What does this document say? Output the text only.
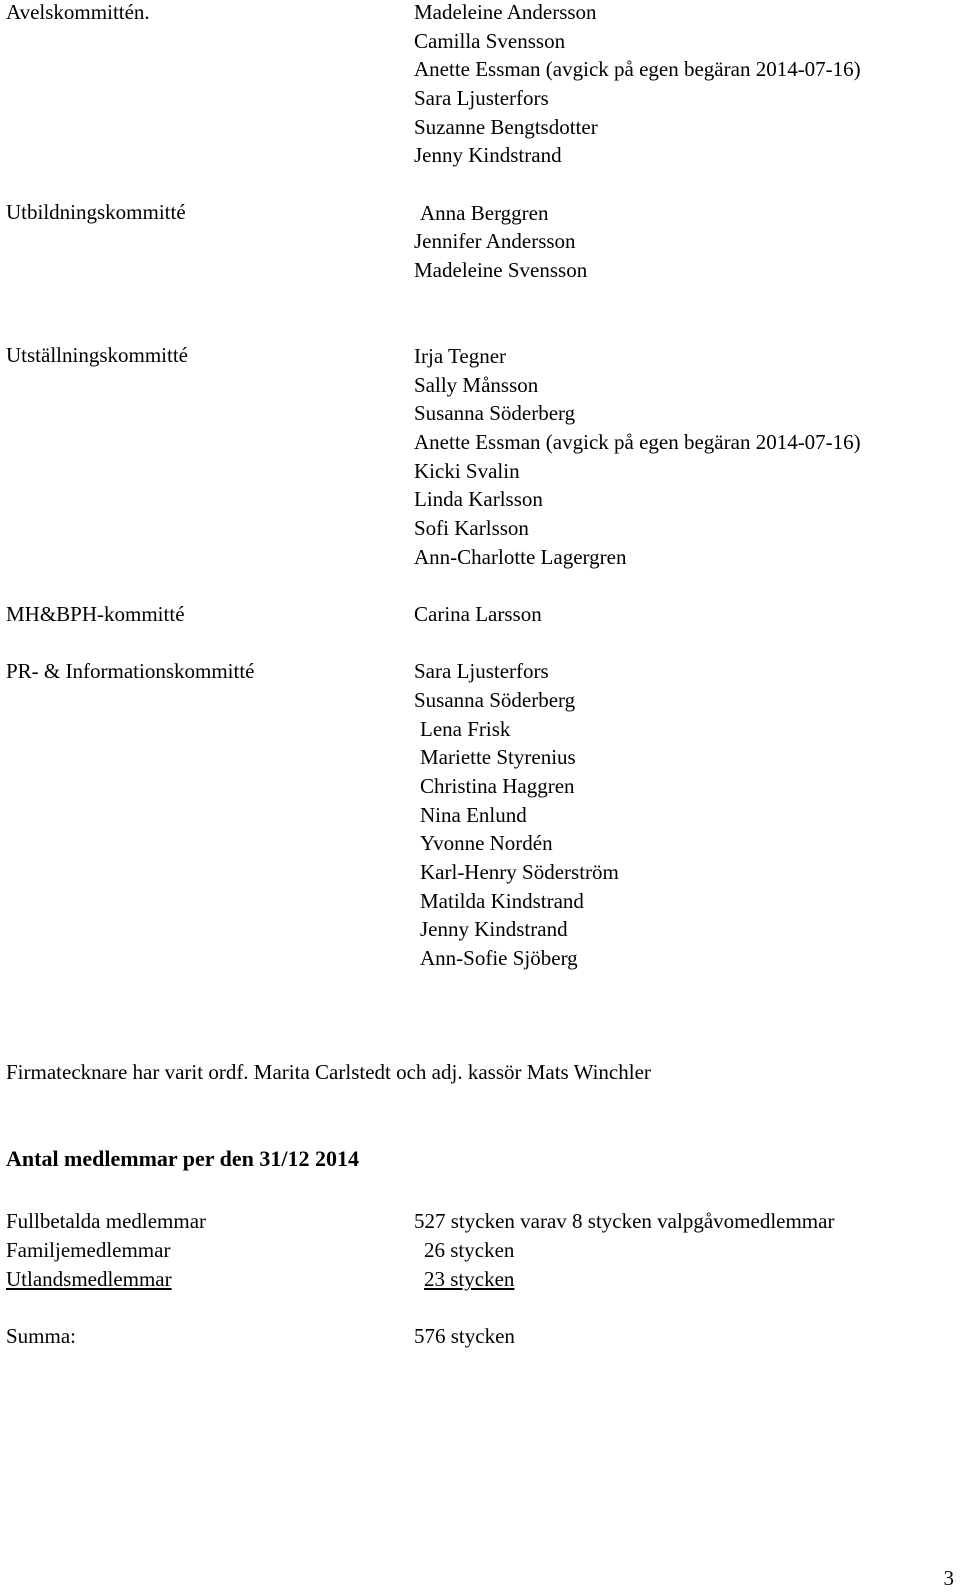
Avelskommittén.	Madeleine Andersson
Camilla Svensson
Anette Essman (avgick på egen begäran 2014-07-16)
Sara Ljusterfors
Suzanne Bengtsdotter
Jenny Kindstrand
Utbildningskommitté	Anna Berggren
Jennifer Andersson
Madeleine Svensson
Utställningskommitté	Irja Tegner
Sally Månsson
Susanna Söderberg
Anette Essman (avgick på egen begäran 2014-07-16)
Kicki Svalin
Linda Karlsson
Sofi Karlsson
Ann-Charlotte Lagergren
MH&BPH-kommitté	Carina Larsson
PR- & Informationskommitté	Sara Ljusterfors
Susanna Söderberg
Lena Frisk
Mariette Styrenius
Christina Haggren
Nina Enlund
Yvonne Nordén
Karl-Henry Söderström
Matilda Kindstrand
Jenny Kindstrand
Ann-Sofie Sjöberg
Firmatecknare har varit ordf. Marita Carlstedt och adj. kassör Mats Winchler
Antal medlemmar per den 31/12 2014
Fullbetalda medlemmar	527 stycken varav 8 stycken valpgåvomedlemmar
Familjemedlemmar	26 stycken
Utlandsmedlemmar	23 stycken
Summa:	576 stycken
3
